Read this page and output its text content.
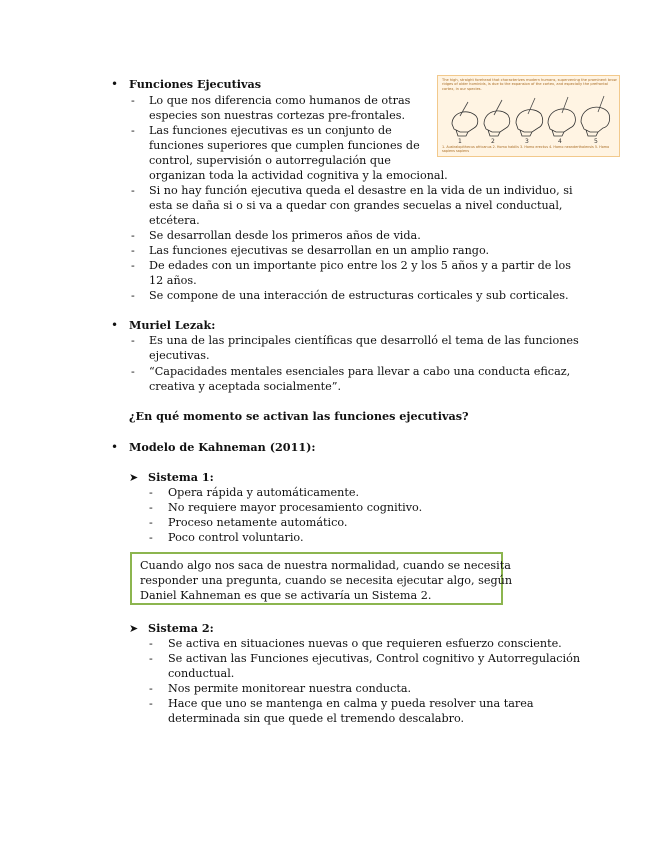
• Funciones Ejecutivas
- Lo que nos diferencia como humanos de otras
especies son nuestras cortezas pre-frontales.
- Las funciones ejecutivas es un conjunto de
funciones superiores que cumplen funciones de
control, supervisión o autorregulación que
organizan toda la actividad cognitiva y la emocional.
- Si no hay función ejecutiva queda el desastre en la vida de un individuo, si
esta se daña si o si va a quedar con grandes secuelas a nivel conductual,
etcétera.
- Se desarrollan desde los primeros años de vida.
- Las funciones ejecutivas se desarrollan en un amplio rango.
- De edades con un importante pico entre los 2 y los 5 años y a partir de los
12 años.
- Se compone de una interacción de estructuras corticales y sub corticales.
The high, straight forehead that characterizes modern humans, supervening the prominent brow ridges of older hominids, is due to the expansion of the cortex, and especially the prefrontal cortex, in our species.
1	2	3	4	5
1. Australopithecus africanus 2. Homo habilis 3. Homo erectus 4. Homo neanderthalensis 5. Homo sapiens sapiens
• Muriel Lezak:
- Es una de las principales científicas que desarrolló el tema de las funciones
ejecutivas.
- “Capacidades mentales esenciales para llevar a cabo una conducta eficaz,
creativa y aceptada socialmente”.
¿En qué momento se activan las funciones ejecutivas?
• Modelo de Kahneman (2011):
➤ Sistema 1:
- Opera rápida y automáticamente.
- No requiere mayor procesamiento cognitivo.
- Proceso netamente automático.
- Poco control voluntario.
Cuando algo nos saca de nuestra normalidad, cuando se necesita
responder una pregunta, cuando se necesita ejecutar algo, según
Daniel Kahneman es que se activaría un Sistema 2.
➤ Sistema 2:
- Se activa en situaciones nuevas o que requieren esfuerzo consciente.
- Se activan las Funciones ejecutivas, Control cognitivo y Autorregulación
conductual.
- Nos permite monitorear nuestra conducta.
- Hace que uno se mantenga en calma y pueda resolver una tarea
determinada sin que quede el tremendo descalabro.
